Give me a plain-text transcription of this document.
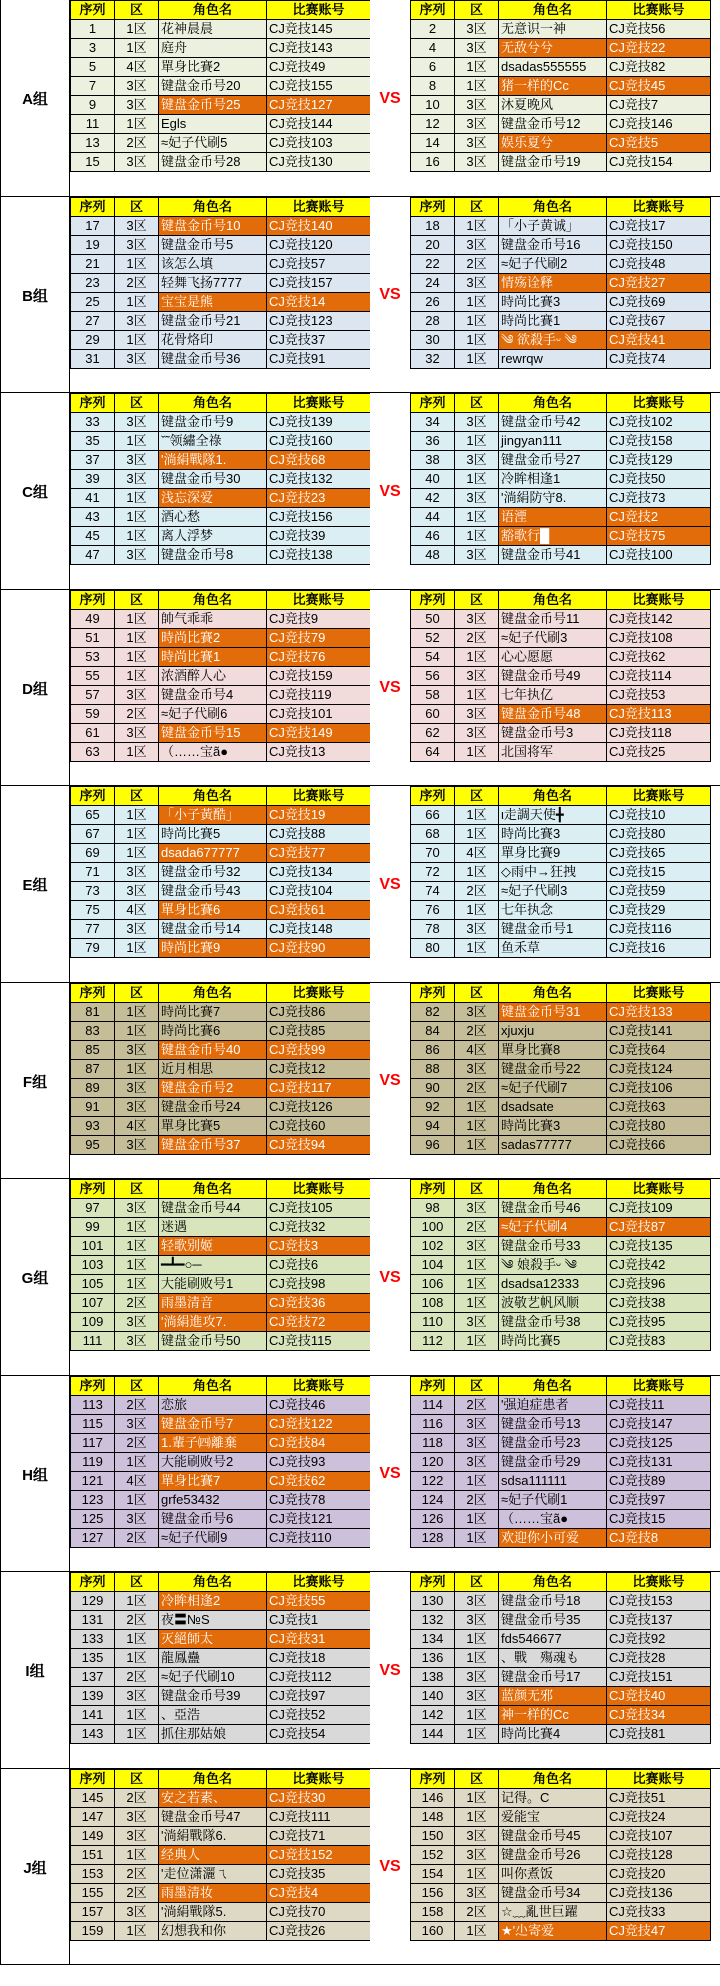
A组
序列	区	角色名	比赛账号
1	1区	花神晨晨	CJ竞技145
3	1区	庭舟	CJ竞技143
5	4区	單身比賽2	CJ竞技49
7	3区	键盘金币号20	CJ竞技155
9	3区	键盘金币号25	CJ竞技127
11	1区	Egls	CJ竞技144
13	2区	≈妃子代刷5	CJ竞技103
15	3区	键盘金币号28	CJ竞技130
VS
序列	区	角色名	比赛账号
2	3区	无意识一神	CJ竞技56
4	3区	无敌兮兮	CJ竞技22
6	1区	dsadas555555	CJ竞技82
8	1区	猪一样的Cc	CJ竞技45
10	3区	沐夏晚风	CJ竞技7
12	3区	键盘金币号12	CJ竞技146
14	3区	娱乐夏兮	CJ竞技5
16	3区	键盘金币号19	CJ竞技154
B组
序列	区	角色名	比赛账号
17	3区	键盘金币号10	CJ竞技140
19	3区	键盘金币号5	CJ竞技120
21	1区	该怎么填	CJ竞技57
23	2区	轻舞飞扬7777	CJ竞技157
25	1区	宝宝是熊	CJ竞技14
27	3区	键盘金币号21	CJ竞技123
29	1区	花骨烙印	CJ竞技37
31	3区	键盘金币号36	CJ竞技91
VS
序列	区	角色名	比赛账号
18	1区	「小子黄诚」	CJ竞技17
20	3区	键盘金币号16	CJ竞技150
22	2区	≈妃子代刷2	CJ竞技48
24	3区	情殇诠释	CJ竞技27
26	1区	時尚比賽3	CJ竞技69
28	1区	時尚比賽1	CJ竞技67
30	1区	༄ 欲殺手ᵕ ༄	CJ竞技41
32	1区	rewrqw	CJ竞技74
C组
序列	区	角色名	比赛账号
33	3区	键盘金币号9	CJ竞技139
35	1区	ˇ˜领繡全祿	CJ竞技160
37	3区	'淌絹戰隊1.	CJ竞技68
39	3区	键盘金币号30	CJ竞技132
41	1区	浅忘深爱	CJ竞技23
43	1区	酒心愁	CJ竞技156
45	1区	离人浮梦	CJ竞技39
47	3区	键盘金币号8	CJ竞技138
VS
序列	区	角色名	比赛账号
34	3区	键盘金币号42	CJ竞技102
36	1区	jingyan111	CJ竞技158
38	3区	键盘金币号27	CJ竞技129
40	1区	冷眸相逢1	CJ竞技50
42	3区	'淌絹防守8.	CJ竞技73
44	1区	语湮	CJ竞技2
46	1区	豁歌行█	CJ竞技75
48	3区	键盘金币号41	CJ竞技100
D组
序列	区	角色名	比赛账号
49	1区	帥气乖乖	CJ竞技9
51	1区	時尚比賽2	CJ竞技79
53	1区	時尚比賽1	CJ竞技76
55	1区	浓酒醉人心	CJ竞技159
57	3区	键盘金币号4	CJ竞技119
59	2区	≈妃子代刷6	CJ竞技101
61	3区	键盘金币号15	CJ竞技149
63	1区	（……宝ã●	CJ竞技13
VS
序列	区	角色名	比赛账号
50	3区	键盘金币号11	CJ竞技142
52	2区	≈妃子代刷3	CJ竞技108
54	1区	心心愿愿	CJ竞技62
56	3区	键盘金币号49	CJ竞技114
58	1区	七年执亿	CJ竞技53
60	3区	键盘金币号48	CJ竞技113
62	3区	键盘金币号3	CJ竞技118
64	1区	北国将军	CJ竞技25
E组
序列	区	角色名	比赛账号
65	1区	「小子黃酷」	CJ竞技19
67	1区	時尚比賽5	CJ竞技88
69	1区	dsada677777	CJ竞技77
71	3区	键盘金币号32	CJ竞技134
73	3区	键盘金币号43	CJ竞技104
75	4区	單身比賽6	CJ竞技61
77	3区	键盘金币号14	CJ竞技148
79	1区	時尚比賽9	CJ竞技90
VS
序列	区	角色名	比赛账号
66	1区	ι走調天使╋	CJ竞技10
68	1区	時尚比賽3	CJ竞技80
70	4区	單身比賽9	CJ竞技65
72	1区	◇雨中→狂拽	CJ竞技15
74	2区	≈妃子代刷3	CJ竞技59
76	1区	七年执念	CJ竞技29
78	3区	键盘金币号1	CJ竞技116
80	1区	鱼禾草	CJ竞技16
F组
序列	区	角色名	比赛账号
81	1区	時尚比賽7	CJ竞技86
83	1区	時尚比賽6	CJ竞技85
85	3区	键盘金币号40	CJ竞技99
87	1区	近月相思	CJ竞技12
89	3区	键盘金币号2	CJ竞技117
91	3区	键盘金币号24	CJ竞技126
93	4区	單身比賽5	CJ竞技60
95	3区	键盘金币号37	CJ竞技94
VS
序列	区	角色名	比赛账号
82	3区	键盘金币号31	CJ竞技133
84	2区	xjuxju	CJ竞技141
86	4区	單身比賽8	CJ竞技64
88	3区	键盘金币号22	CJ竞技124
90	2区	≈妃子代刷7	CJ竞技106
92	1区	dsadsate	CJ竞技63
94	1区	時尚比賽3	CJ竞技80
96	1区	sadas77777	CJ竞技66
G组
序列	区	角色名	比赛账号
97	3区	键盘金币号44	CJ竞技105
99	1区	迷遇	CJ竞技32
101	1区	轻歌别姬	CJ竞技3
103	1区	━┻━○─	CJ竞技6
105	1区	大能刷败号1	CJ竞技98
107	2区	雨墨清音	CJ竞技36
109	3区	'淌絹進攻7.	CJ竞技72
111	3区	键盘金币号50	CJ竞技115
VS
序列	区	角色名	比赛账号
98	3区	键盘金币号46	CJ竞技109
100	2区	≈妃子代刷4	CJ竞技87
102	3区	键盘金币号33	CJ竞技135
104	1区	༄ 娘殺手ᵕ ༄	CJ竞技42
106	1区	dsadsa12333	CJ竞技96
108	1区	波敬艺帆风顺	CJ竞技38
110	3区	键盘金币号38	CJ竞技95
112	1区	時尚比賽5	CJ竞技83
H组
序列	区	角色名	比赛账号
113	2区	恋旅	CJ竞技46
115	3区	键盘金币号7	CJ竞技122
117	2区	1.輩子㈣離棄	CJ竞技84
119	1区	大能刷败号2	CJ竞技93
121	4区	單身比賽7	CJ竞技62
123	1区	grfe53432	CJ竞技78
125	3区	键盘金币号6	CJ竞技121
127	2区	≈妃子代刷9	CJ竞技110
VS
序列	区	角色名	比赛账号
114	2区	'强迫症患者	CJ竞技11
116	3区	键盘金币号13	CJ竞技147
118	3区	键盘金币号23	CJ竞技125
120	3区	键盘金币号29	CJ竞技131
122	1区	sdsa111111	CJ竞技89
124	2区	≈妃子代刷1	CJ竞技97
126	1区	（……宝ã●	CJ竞技15
128	1区	欢迎你小可爱	CJ竞技8
I组
序列	区	角色名	比赛账号
129	1区	冷眸相逢2	CJ竞技55
131	2区	夜〓№S	CJ竞技1
133	1区	灭絕師太	CJ竞技31
135	1区	龍鳳蠱	CJ竞技18
137	2区	≈妃子代刷10	CJ竞技112
139	3区	键盘金币号39	CJ竞技97
141	1区	、亞浩	CJ竞技52
143	1区	抓住那姑娘	CJ竞技54
VS
序列	区	角色名	比赛账号
130	3区	键盘金币号18	CJ竞技153
132	3区	键盘金币号35	CJ竞技137
134	1区	fds546677	CJ竞技92
136	1区	、戰　殤魂も	CJ竞技28
138	3区	键盘金币号17	CJ竞技151
140	3区	蓝颜无邪	CJ竞技40
142	1区	神一样的Cc	CJ竞技34
144	1区	時尚比賽4	CJ竞技81
J组
序列	区	角色名	比赛账号
145	2区	安之若素、	CJ竞技30
147	3区	键盘金币号47	CJ竞技111
149	3区	'淌絹戰隊6.	CJ竞技71
151	1区	经典人	CJ竞技152
153	2区	'走位潇灑ㄟ	CJ竞技35
155	2区	雨墨清妆	CJ竞技4
157	3区	'淌絹戰隊5.	CJ竞技70
159	1区	幻想我和你	CJ竞技26
VS
序列	区	角色名	比赛账号
146	1区	记得。C	CJ竞技51
148	1区	爱能宝	CJ竞技24
150	3区	键盘金币号45	CJ竞技107
152	3区	键盘金币号26	CJ竞技128
154	1区	叫你煮饭	CJ竞技20
156	3区	键盘金币号34	CJ竞技136
158	2区	☆﹏亂世巨躍	CJ竞技33
160	1区	★'尐寄爱	CJ竞技47
